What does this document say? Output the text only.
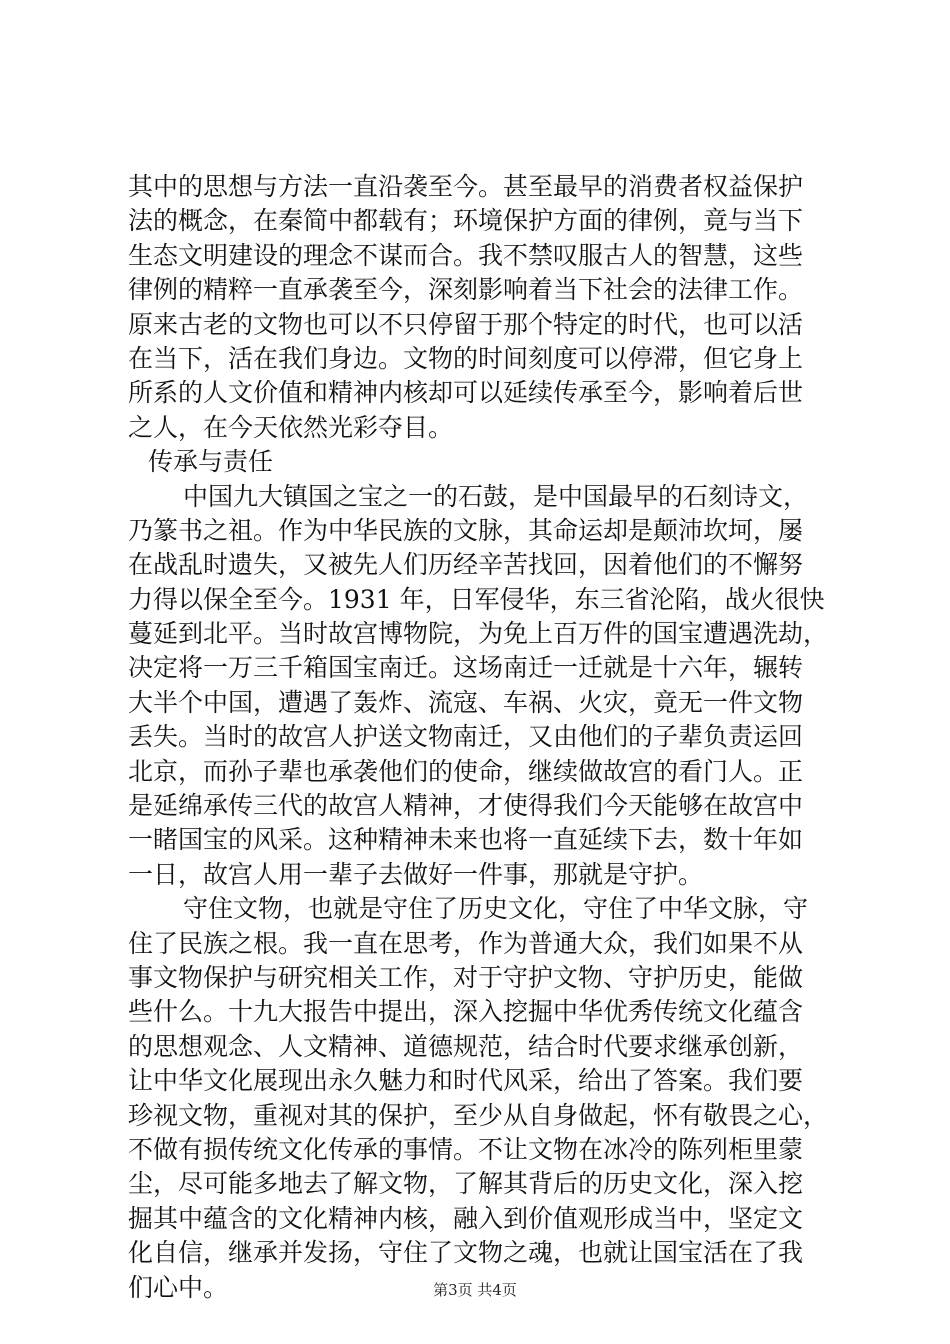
其中的思想与方法一直沿袭至今。甚至最早的消费者权益保护
法的概念，在秦简中都载有；环境保护方面的律例，竟与当下
生态文明建设的理念不谋而合。我不禁叹服古人的智慧，这些
律例的精粹一直承袭至今，深刻影响着当下社会的法律工作。
原来古老的文物也可以不只停留于那个特定的时代，也可以活
在当下，活在我们身边。文物的时间刻度可以停滞，但它身上
所系的人文价值和精神内核却可以延续传承至今，影响着后世
之人，在今天依然光彩夺目。
传承与责任
中国九大镇国之宝之一的石鼓，是中国最早的石刻诗文，
乃篆书之祖。作为中华民族的文脉，其命运却是颠沛坎坷，屡
在战乱时遗失，又被先人们历经辛苦找回，因着他们的不懈努
力得以保全至今。1931 年，日军侵华，东三省沦陷，战火很快
蔓延到北平。当时故宫博物院，为免上百万件的国宝遭遇洗劫，
决定将一万三千箱国宝南迁。这场南迁一迁就是十六年，辗转
大半个中国，遭遇了轰炸、流寇、车祸、火灾，竟无一件文物
丢失。当时的故宫人护送文物南迁，又由他们的子辈负责运回
北京，而孙子辈也承袭他们的使命，继续做故宫的看门人。正
是延绵承传三代的故宫人精神，才使得我们今天能够在故宫中
一睹国宝的风采。这种精神未来也将一直延续下去，数十年如
一日，故宫人用一辈子去做好一件事，那就是守护。
守住文物，也就是守住了历史文化，守住了中华文脉，守
住了民族之根。我一直在思考，作为普通大众，我们如果不从
事文物保护与研究相关工作，对于守护文物、守护历史，能做
些什么。十九大报告中提出，深入挖掘中华优秀传统文化蕴含
的思想观念、人文精神、道德规范，结合时代要求继承创新，
让中华文化展现出永久魅力和时代风采，给出了答案。我们要
珍视文物，重视对其的保护，至少从自身做起，怀有敬畏之心，
不做有损传统文化传承的事情。不让文物在冰冷的陈列柜里蒙
尘，尽可能多地去了解文物，了解其背后的历史文化，深入挖
掘其中蕴含的文化精神内核，融入到价值观形成当中，坚定文
化自信，继承并发扬，守住了文物之魂，也就让国宝活在了我
们心中。	第3页 共4页
